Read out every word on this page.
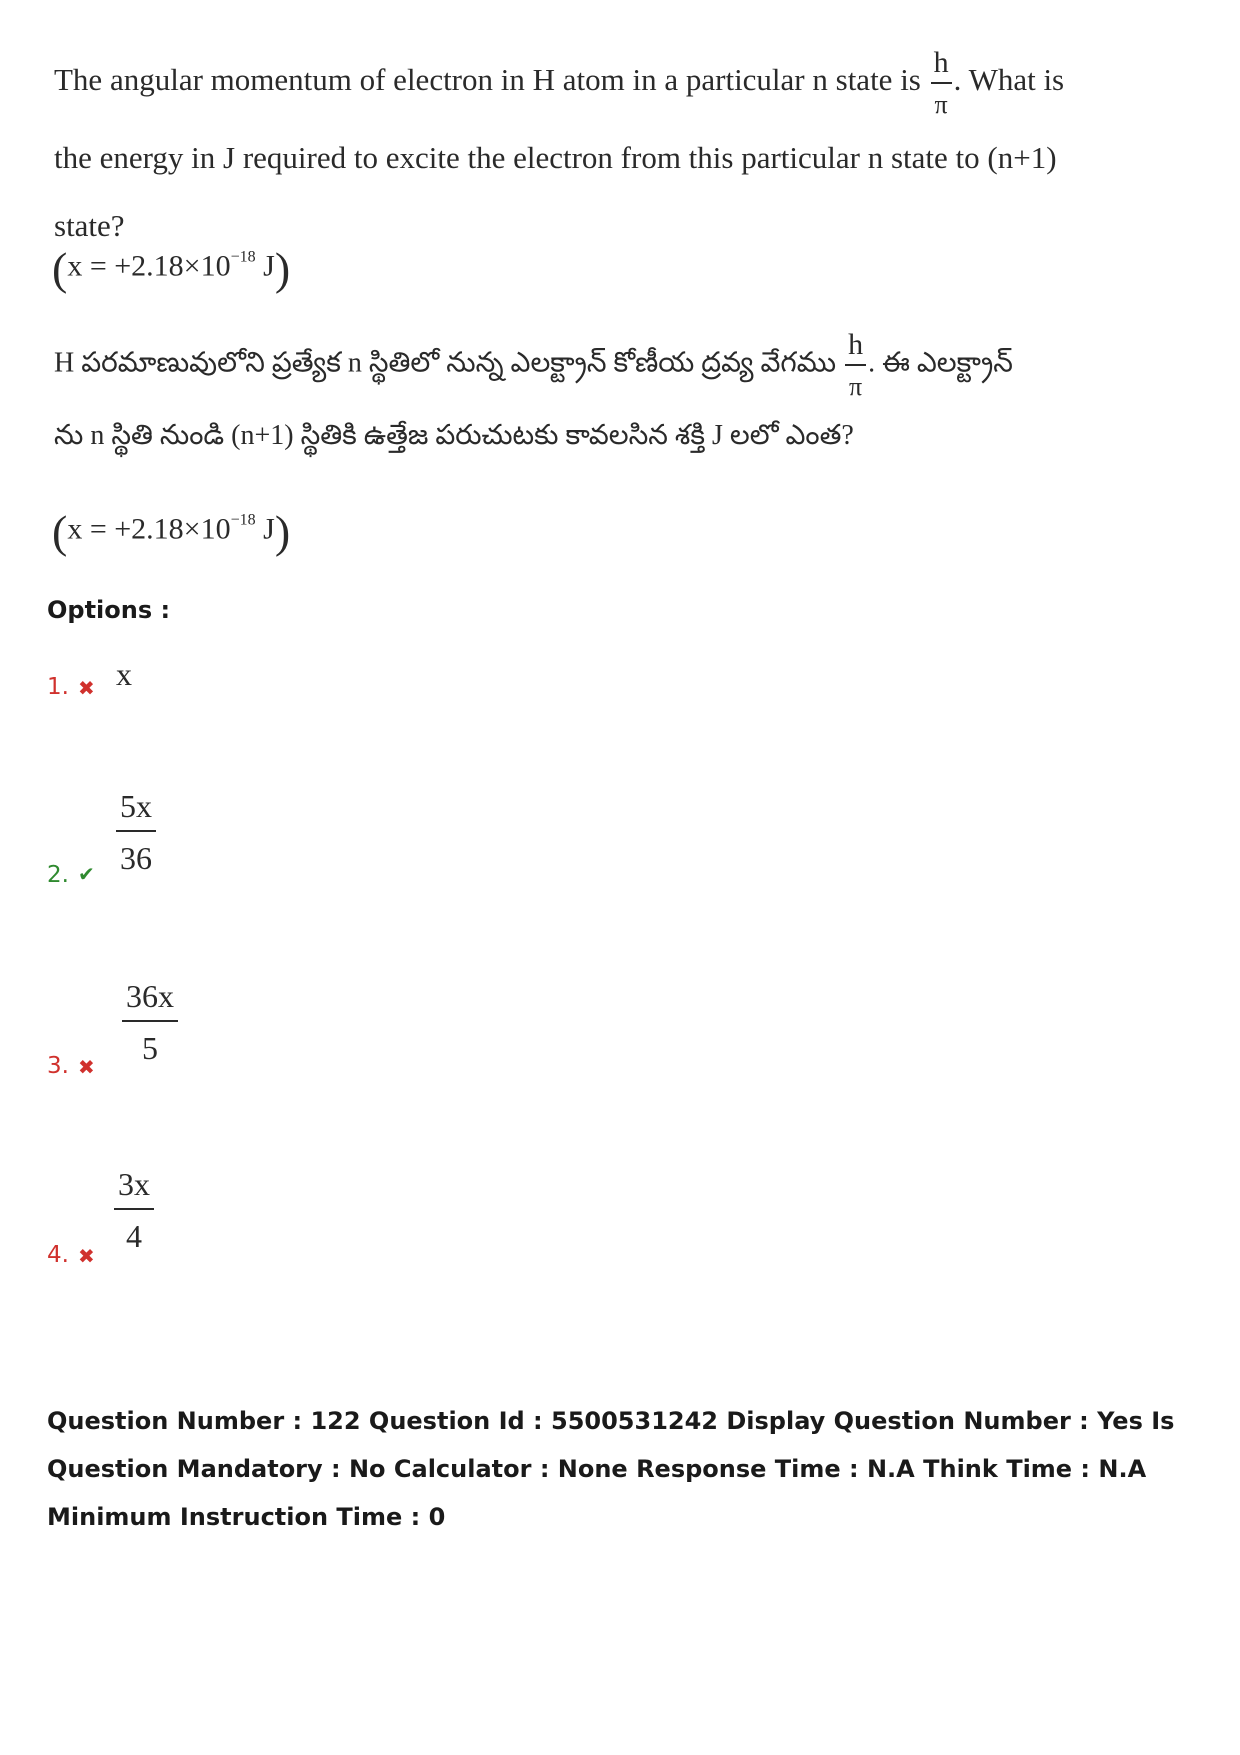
The angular momentum of electron in H atom in a particular n state is $\frac{h}{\pi}$ . What is
the energy in J required to excite the electron from this particular n state to (n+1)
state?
($x = +2.18\times 10^{-18}$ J)
H పరమాణువులోని ప్రత్యేక n స్థితిలో నున్న ఎలక్ట్రాన్ కోణీయ ద్రవ్య వేగము $\frac{h}{\pi}$ . ఈ ఎలక్ట్రాన్
ను n స్థితి నుండి (n+1) స్థితికి ఉత్తేజ పరుచుటకు కావలసిన శక్తి J లలో ఎంత?
($x = +2.18\times 10^{-18}$ J)
Options :
1. ✖ x
2. ✔ $\frac{5x}{36}$
3. ✖
$\frac{36x}{5}$
4. ✖
$\frac{3x}{4}$
Question Number : 122 Question Id : 5500531242 Display Question Number : Yes Is Question Mandatory : No Calculator : None Response Time : N.A Think Time : N.A Minimum Instruction Time : 0
